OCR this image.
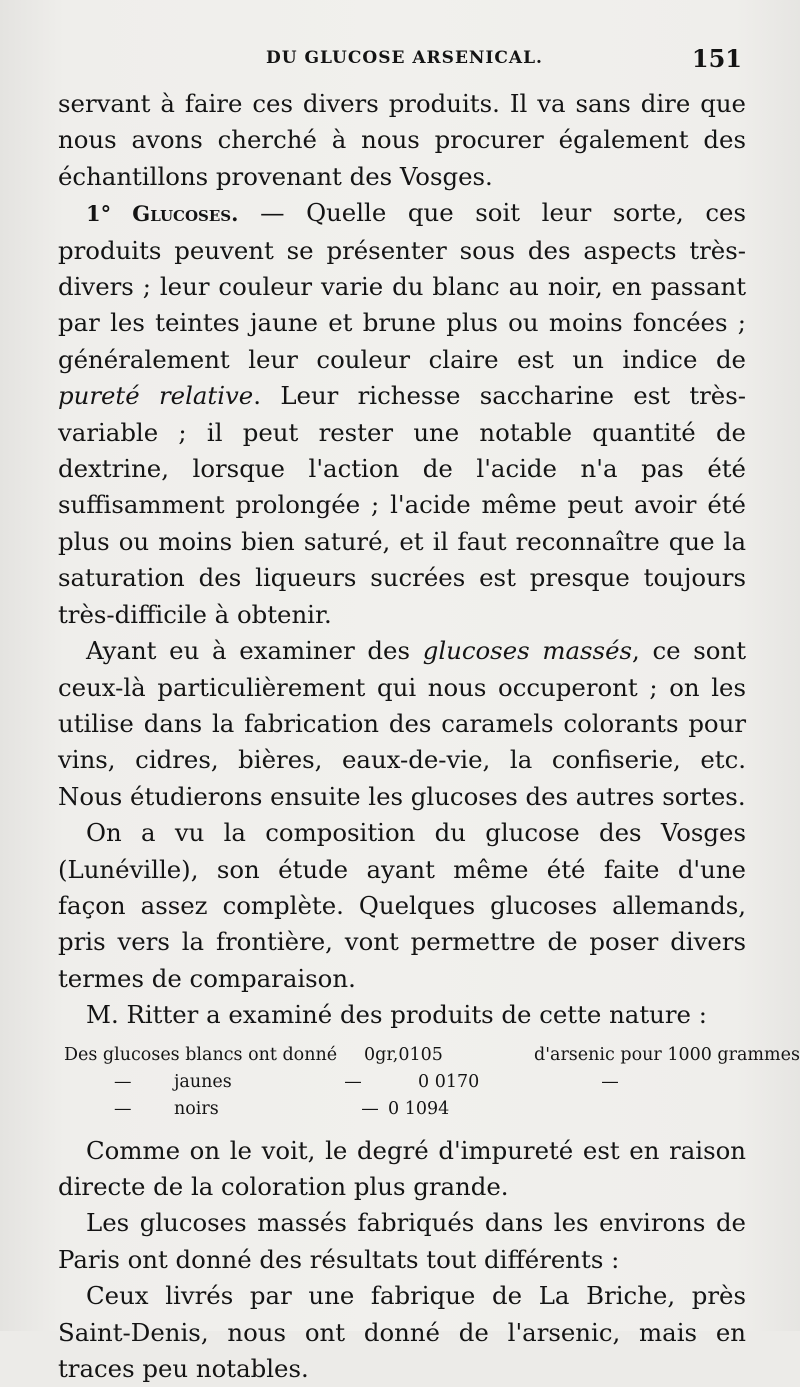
DU GLUCOSE ARSENICAL.	151

servant à faire ces divers produits. Il va sans dire que nous avons cherché à nous procurer également des échantillons provenant des Vosges.

1° Glucoses. — Quelle que soit leur sorte, ces produits peuvent se présenter sous des aspects très-divers ; leur couleur varie du blanc au noir, en passant par les teintes jaune et brune plus ou moins foncées ; généralement leur couleur claire est un indice de pureté relative. Leur richesse saccharine est très-variable ; il peut rester une notable quantité de dextrine, lorsque l'action de l'acide n'a pas été suffisamment prolongée ; l'acide même peut avoir été plus ou moins bien saturé, et il faut reconnaître que la saturation des liqueurs sucrées est presque toujours très-difficile à obtenir.

Ayant eu à examiner des glucoses massés, ce sont ceux-là particulièrement qui nous occuperont ; on les utilise dans la fabrication des caramels colorants pour vins, cidres, bières, eaux-de-vie, la confiserie, etc. Nous étudierons ensuite les glucoses des autres sortes.

On a vu la composition du glucose des Vosges (Lunéville), son étude ayant même été faite d'une façon assez complète. Quelques glucoses allemands, pris vers la frontière, vont permettre de poser divers termes de comparaison.

M. Ritter a examiné des produits de cette nature :

Des glucoses blancs ont donné	0gr,0105	d'arsenic pour 1000 grammes
— jaunes	—	0 0170	—
— noirs	— 0 1094

Comme on le voit, le degré d'impureté est en raison directe de la coloration plus grande.

Les glucoses massés fabriqués dans les environs de Paris ont donné des résultats tout différents :

Ceux livrés par une fabrique de La Briche, près Saint-Denis, nous ont donné de l'arsenic, mais en traces peu notables.
